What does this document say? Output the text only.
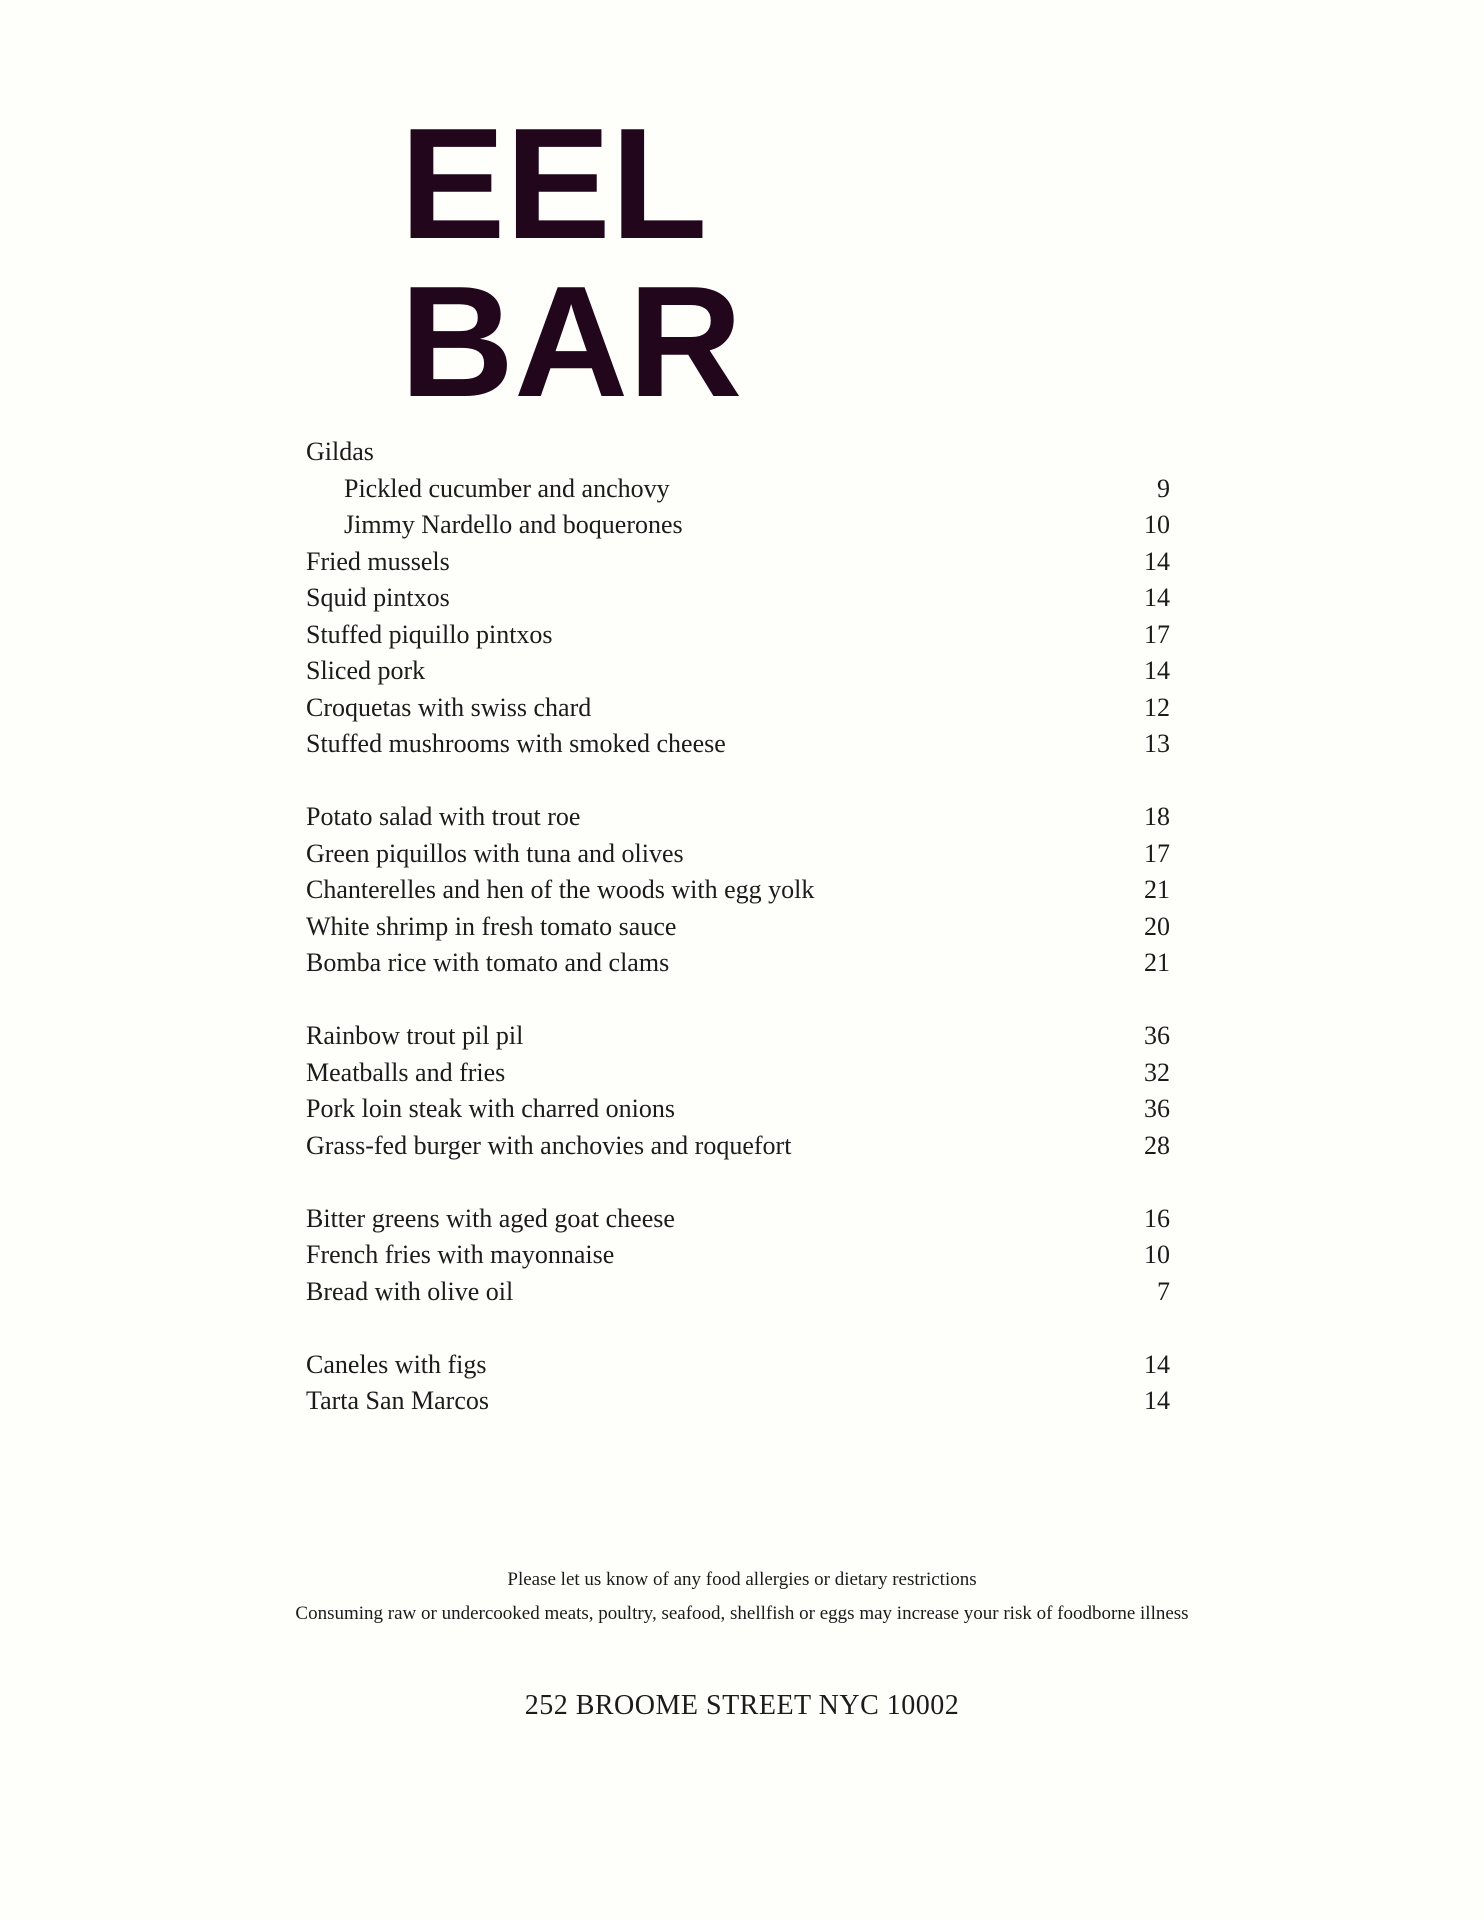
EEL BAR
Gildas
Pickled cucumber and anchovy	9
Jimmy Nardello and boquerones	10
Fried mussels	14
Squid pintxos	14
Stuffed piquillo pintxos	17
Sliced pork	14
Croquetas with swiss chard	12
Stuffed mushrooms with smoked cheese	13
Potato salad with trout roe	18
Green piquillos with tuna and olives	17
Chanterelles and hen of the woods with egg yolk	21
White shrimp in fresh tomato sauce	20
Bomba rice with tomato and clams	21
Rainbow trout pil pil	36
Meatballs and fries	32
Pork loin steak with charred onions	36
Grass-fed burger with anchovies and roquefort	28
Bitter greens with aged goat cheese	16
French fries with mayonnaise	10
Bread with olive oil	7
Caneles with figs	14
Tarta San Marcos	14
Please let us know of any food allergies or dietary restrictions
Consuming raw or undercooked meats, poultry, seafood, shellfish or eggs may increase your risk of foodborne illness
252 BROOME STREET NYC 10002
